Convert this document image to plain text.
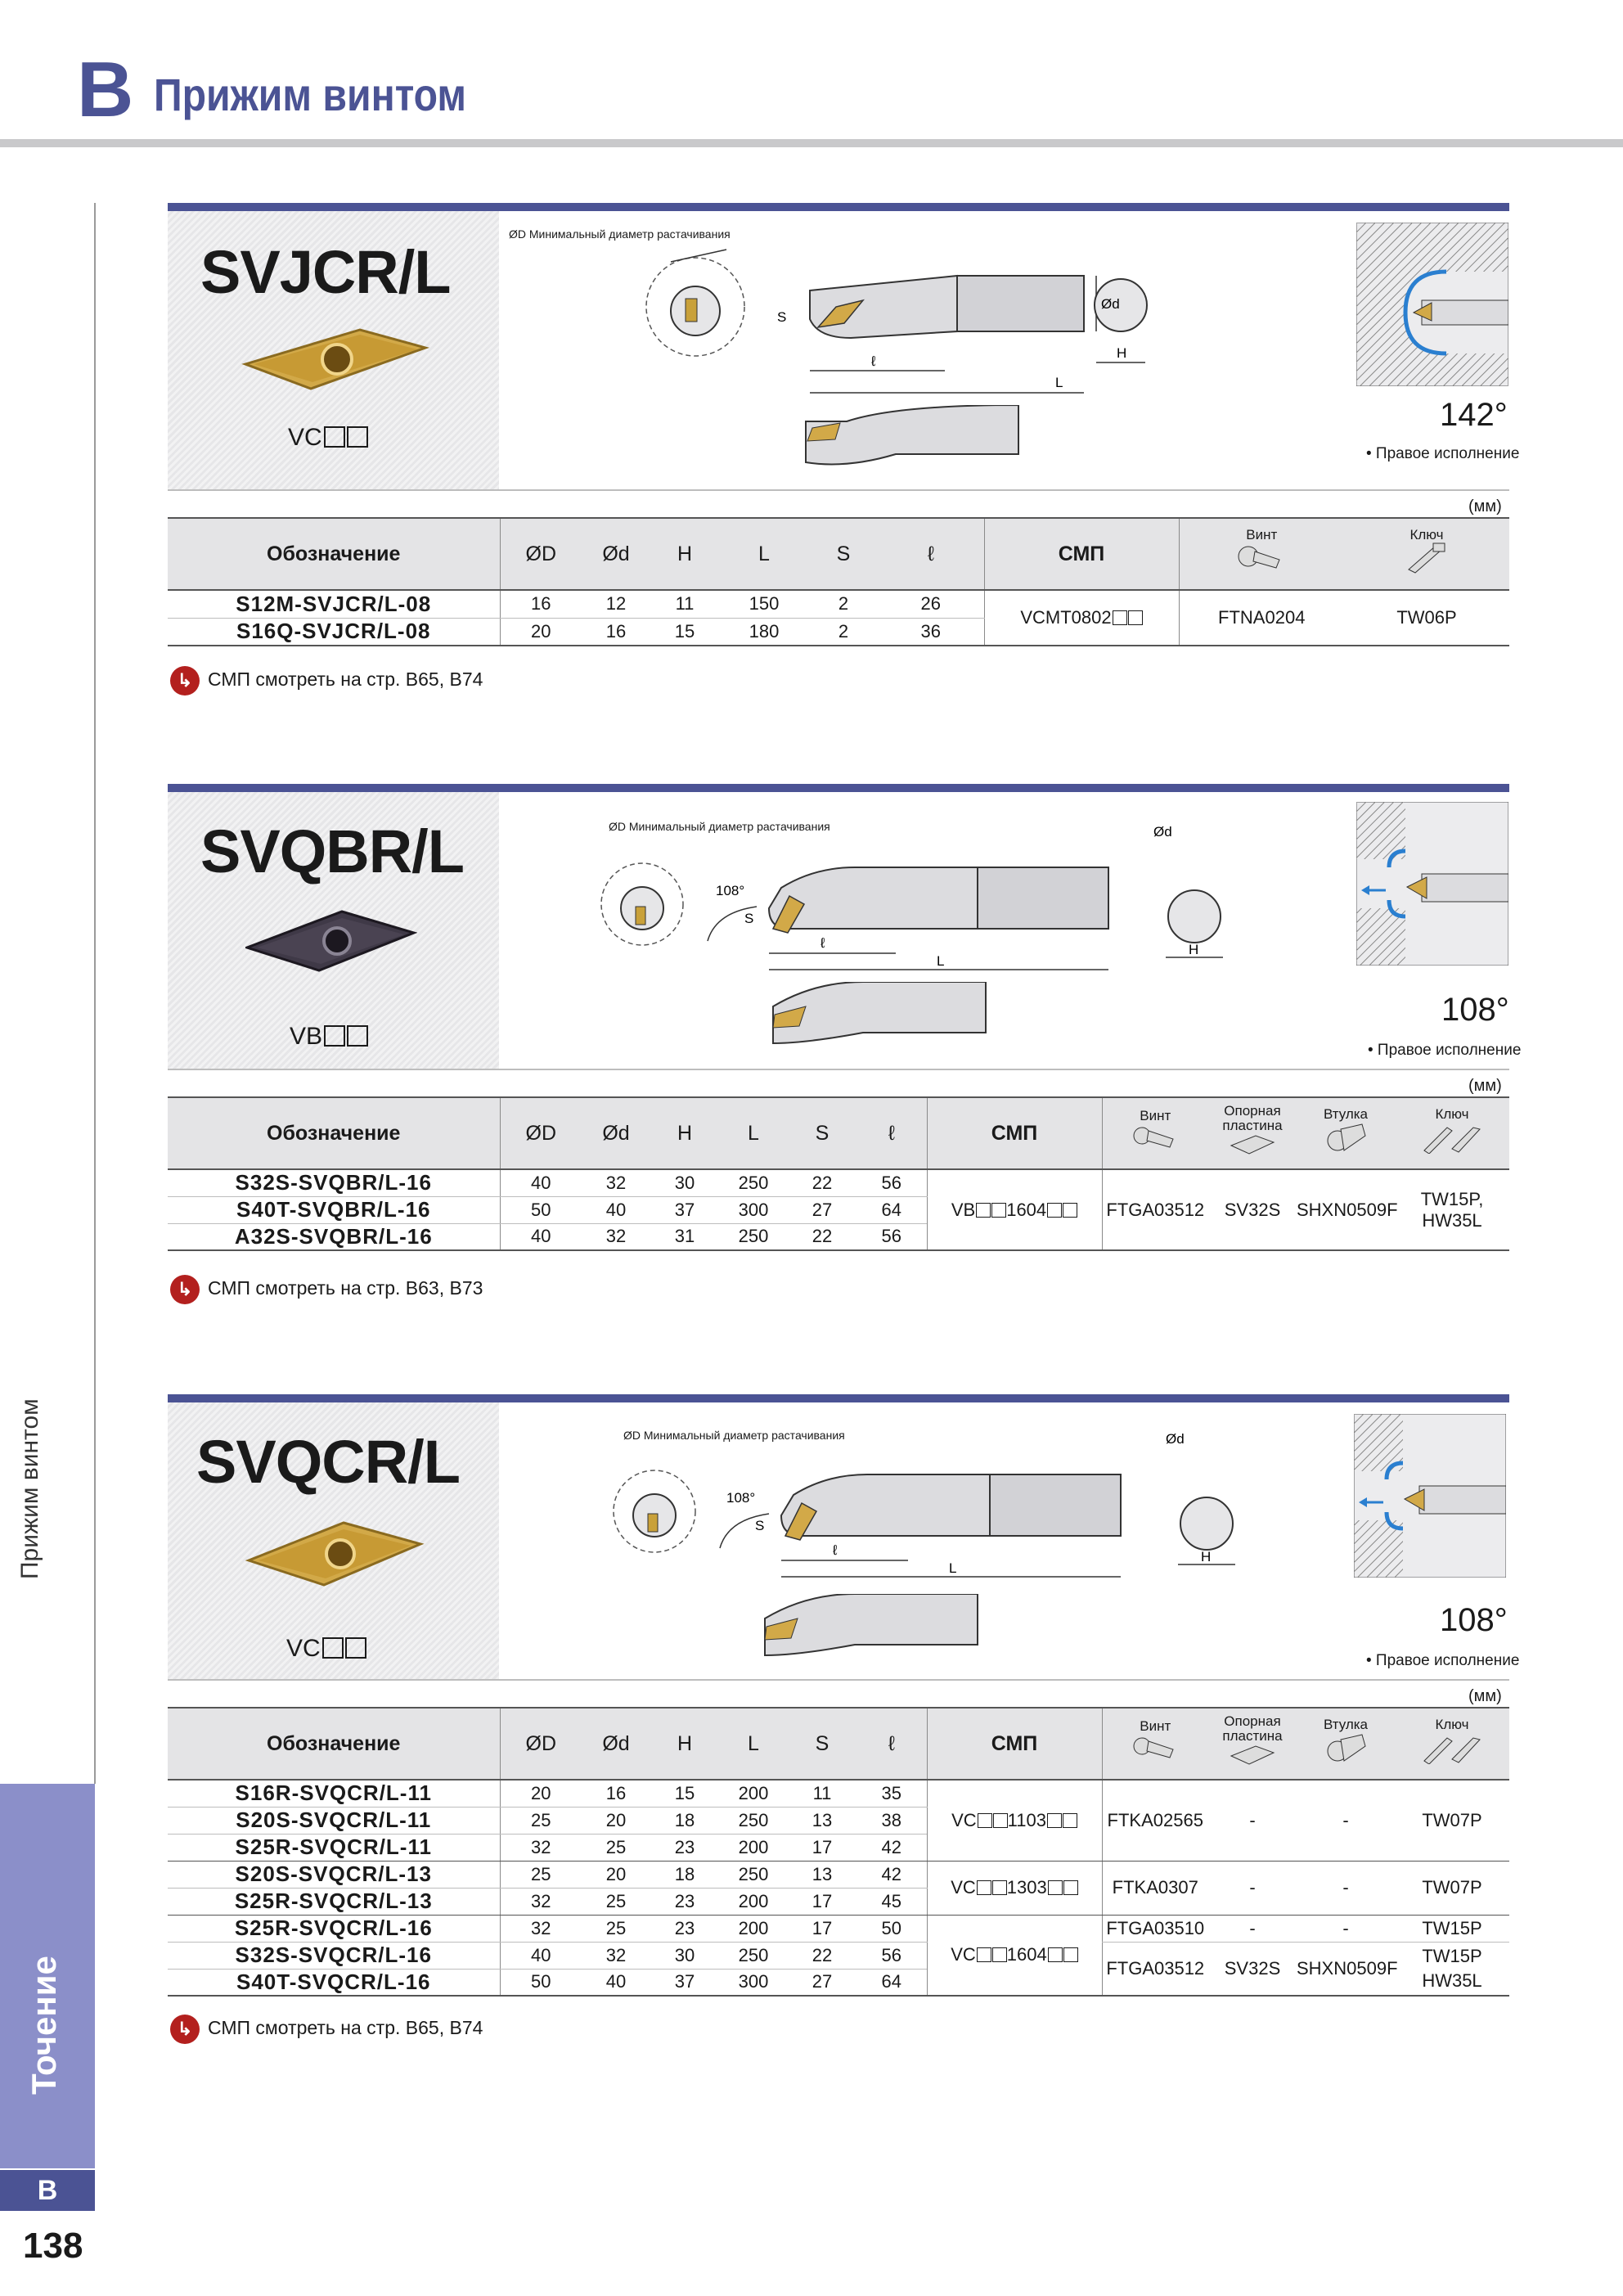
B Прижим винтом
Прижим винтом
Точение
B
138
SVJCR/L
VC
ØD Минимальный диаметр растачивания
S
ℓ
L
Ød
H
142°
• Правое исполнение
(мм)
Обозначение	ØD	Ød	H	L	S	ℓ	СМП	Винт	Ключ

S12M-SVJCR/L-08	16	12	11	150	2	26	VCMT0802	FTNA0204	TW06P
S16Q-SVJCR/L-08	20	16	15	180	2	36			
↳ СМП смотреть на стр. B65, B74
SVQBR/L
VB
ØD Минимальный диаметр растачивания
108°
S
ℓ
L
Ød
H
108°
• Правое исполнение
(мм)
Обозначение	ØD	Ød	H	L	S	ℓ	СМП	Винт	Опорная
пластина	Втулка	Ключ

S32S-SVQBR/L-16	40	32	30	250	22	56	VB 1604	FTGA03512	SV32S	SHXN0509F	TW15P, HW35L
S40T-SVQBR/L-16	50	40	37	300	27	64					
A32S-SVQBR/L-16	40	32	31	250	22	56					
↳ СМП смотреть на стр. B63, B73
SVQCR/L
VC
ØD Минимальный диаметр растачивания
108°
S
ℓ
L
Ød
H
108°
• Правое исполнение
(мм)
Обозначение	ØD	Ød	H	L	S	ℓ	СМП	Винт	Опорная
пластина	Втулка	Ключ

S16R-SVQCR/L-11	20	16	15	200	11	35	VC 1103	FTKA02565	-	-	TW07P
S20S-SVQCR/L-11	25	20	18	250	13	38					
S25R-SVQCR/L-11	32	25	23	200	17	42					
S20S-SVQCR/L-13	25	20	18	250	13	42	VC 1303	FTKA0307	-	-	TW07P
S25R-SVQCR/L-13	32	25	23	200	17	45					
S25R-SVQCR/L-16	32	25	23	200	17	50	VC 1604	FTGA03510	-	-	TW15P
S32S-SVQCR/L-16	40	32	30	250	22	56		FTGA03512	SV32S	SHXN0509F	TW15P
HW35L

S40T-SVQCR/L-16	50	40	37	300	27	64					
↳ СМП смотреть на стр. B65, B74
